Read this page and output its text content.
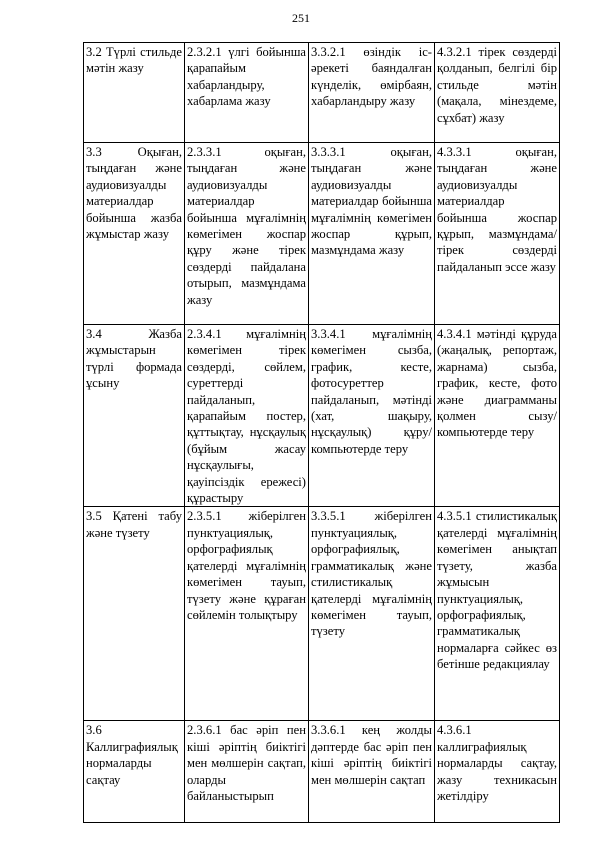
251
3.2 Түрлі стильде мәтін жазу	2.3.2.1 үлгі бойынша қарапайым хабарландыру, хабарлама жазу	3.3.2.1 өзіндік іс-әрекеті баяндалған күнделік, өмірбаян, хабарландыру жазу	4.3.2.1 тірек сөздерді қолданып, белгілі бір стильде мәтін (мақала, мінездеме, сұхбат) жазу
3.3 Оқыған, тыңдаған және аудиовизуалды материалдар бойынша жазба жұмыстар жазу	2.3.3.1 оқыған, тыңдаған және аудиовизуалды материалдар бойынша мұғалімнің көмегімен жоспар құру және тірек сөздерді пайдалана отырып, мазмұндама жазу	3.3.3.1 оқыған, тыңдаған және аудиовизуалды материалдар бойынша мұғалімнің көмегімен жоспар құрып, мазмұндама жазу	4.3.3.1 оқыған, тыңдаған және аудиовизуалды материалдар бойынша жоспар құрып, мазмұндама/ тірек сөздерді пайдаланып эссе жазу
3.4 Жазба жұмыстарын түрлі формада ұсыну	2.3.4.1 мұғалімнің көмегімен тірек сөздерді, сөйлем, суреттерді пайдаланып, қарапайым постер, құттықтау, нұсқаулық (бұйым жасау нұсқаулығы, қауіпсіздік ережесі) құрастыру	3.3.4.1 мұғалімнің көмегімен сызба, график, кесте, фотосуреттер пайдаланып, мәтінді (хат, шақыру, нұсқаулық) құру/компьютерде теру	4.3.4.1 мәтінді құруда (жаңалық, репортаж, жарнама) сызба, график, кесте, фото және диаграмманы қолмен сызу/компьютерде теру
3.5 Қатені табу және түзету	2.3.5.1 жіберілген пунктуациялық, орфографиялық қателерді мұғалімнің көмегімен тауып, түзету және құраған сөйлемін толықтыру	3.3.5.1 жіберілген пунктуациялық, орфографиялық, грамматикалық және стилистикалық қателерді мұғалімнің көмегімен тауып, түзету	4.3.5.1 стилистикалық қателерді мұғалімнің көмегімен анықтап түзету, жазба жұмысын пунктуациялық, орфографиялық, грамматикалық нормаларға сәйкес өз бетінше редакциялау
3.6 Каллиграфиялық нормаларды сақтау	2.3.6.1 бас әріп пен кіші әріптің биіктігі мен мөлшерін сақтап, оларды байланыстырып	3.3.6.1 кең жолды дәптерде бас әріп пен кіші әріптің биіктігі мен мөлшерін сақтап	4.3.6.1 каллиграфиялық нормаларды сақтау, жазу техникасын жетілдіру
